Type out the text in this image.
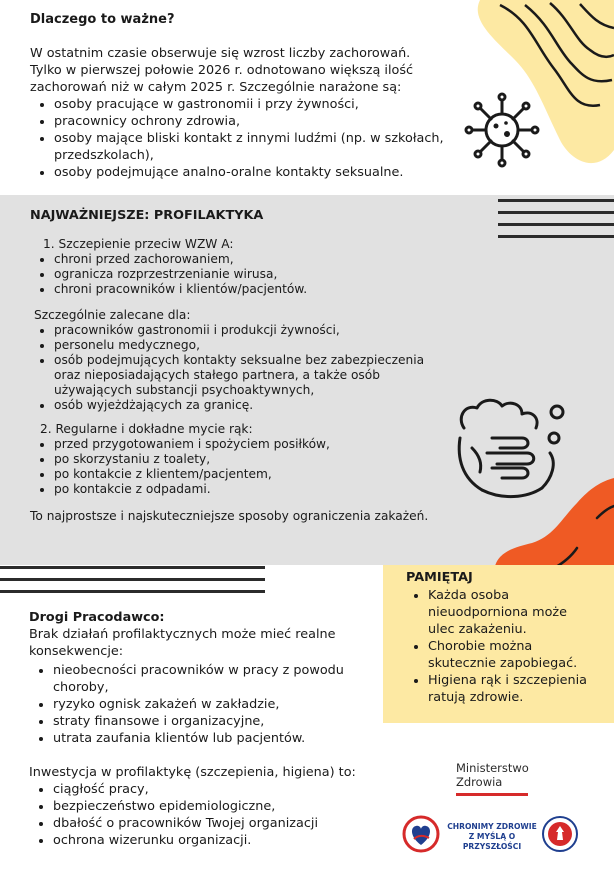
Dlaczego to ważne?
W ostatnim czasie obserwuje się wzrost liczby zachorowań.
Tylko w pierwszej połowie 2026 r. odnotowano większą ilość
zachorowań niż w całym 2025 r. Szczególnie narażone są:
• osoby pracujące w gastronomii i przy żywności,
• pracownicy ochrony zdrowia,
• osoby mające bliski kontakt z innymi ludźmi (np. w szkołach,
przedszkolach),
• osoby podejmujące analno-oralne kontakty seksualne.
NAJWAŻNIEJSZE: PROFILAKTYKA
1. Szczepienie przeciw WZW A:
• chroni przed zachorowaniem,
• ogranicza rozprzestrzenianie wirusa,
• chroni pracowników i klientów/pacjentów.
Szczególnie zalecane dla:
• pracowników gastronomii i produkcji żywności,
• personelu medycznego,
• osób podejmujących kontakty seksualne bez zabezpieczenia
oraz nieposiadających stałego partnera, a także osób
używających substancji psychoaktywnych,
• osób wyjeżdżających za granicę.
2. Regularne i dokładne mycie rąk:
• przed przygotowaniem i spożyciem posiłków,
• po skorzystaniu z toalety,
• po kontakcie z klientem/pacjentem,
• po kontakcie z odpadami.
To najprostsze i najskuteczniejsze sposoby ograniczenia zakażeń.
PAMIĘTAJ
• Każda osoba
nieuodporniona może
ulec zakażeniu.
• Chorobie można
skutecznie zapobiegać.
• Higiena rąk i szczepienia
ratują zdrowie.
Drogi Pracodawco:
Brak działań profilaktycznych może mieć realne
konsekwencje:
• nieobecności pracowników w pracy z powodu
choroby,
• ryzyko ognisk zakażeń w zakładzie,
• straty finansowe i organizacyjne,
• utrata zaufania klientów lub pacjentów.
Inwestycja w profilaktykę (szczepienia, higiena) to:
• ciągłość pracy,
• bezpieczeństwo epidemiologiczne,
• dbałość o pracowników Twojej organizacji
• ochrona wizerunku organizacji.
Ministerstwo
Zdrowia
CHRONIMY ZDROWIE
Z MYŚLĄ O PRZYSZŁOŚCI
